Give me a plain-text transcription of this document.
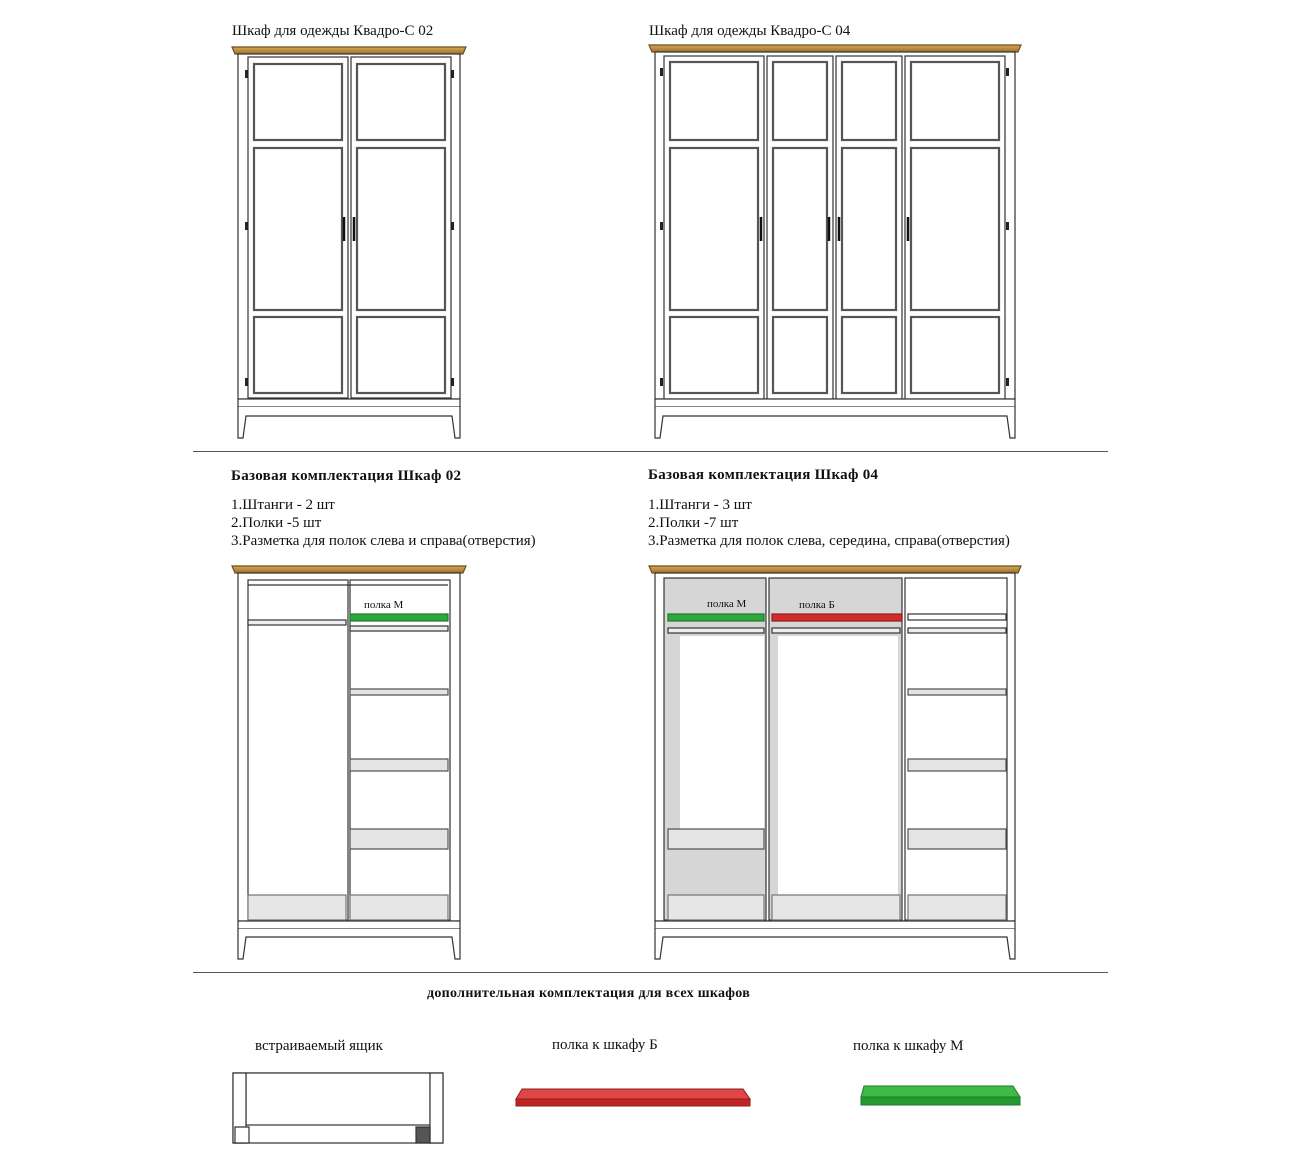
Шкаф для одежды Квадро-С 02	Шкаф для одежды Квадро-С 04
Базовая комплектация Шкаф 02
1.Штанги - 2 шт
2.Полки -5 шт
3.Разметка для полок слева и справа(отверстия)
Базовая комплектация Шкаф 04
1.Штанги - 3 шт
2.Полки -7 шт
3.Разметка для полок слева, середина, справа(отверстия)
дополнительная комплектация для всех шкафов
встраиваемый ящик	полка к шкафу Б	полка к шкафу М
полка М	полка М	полка Б
